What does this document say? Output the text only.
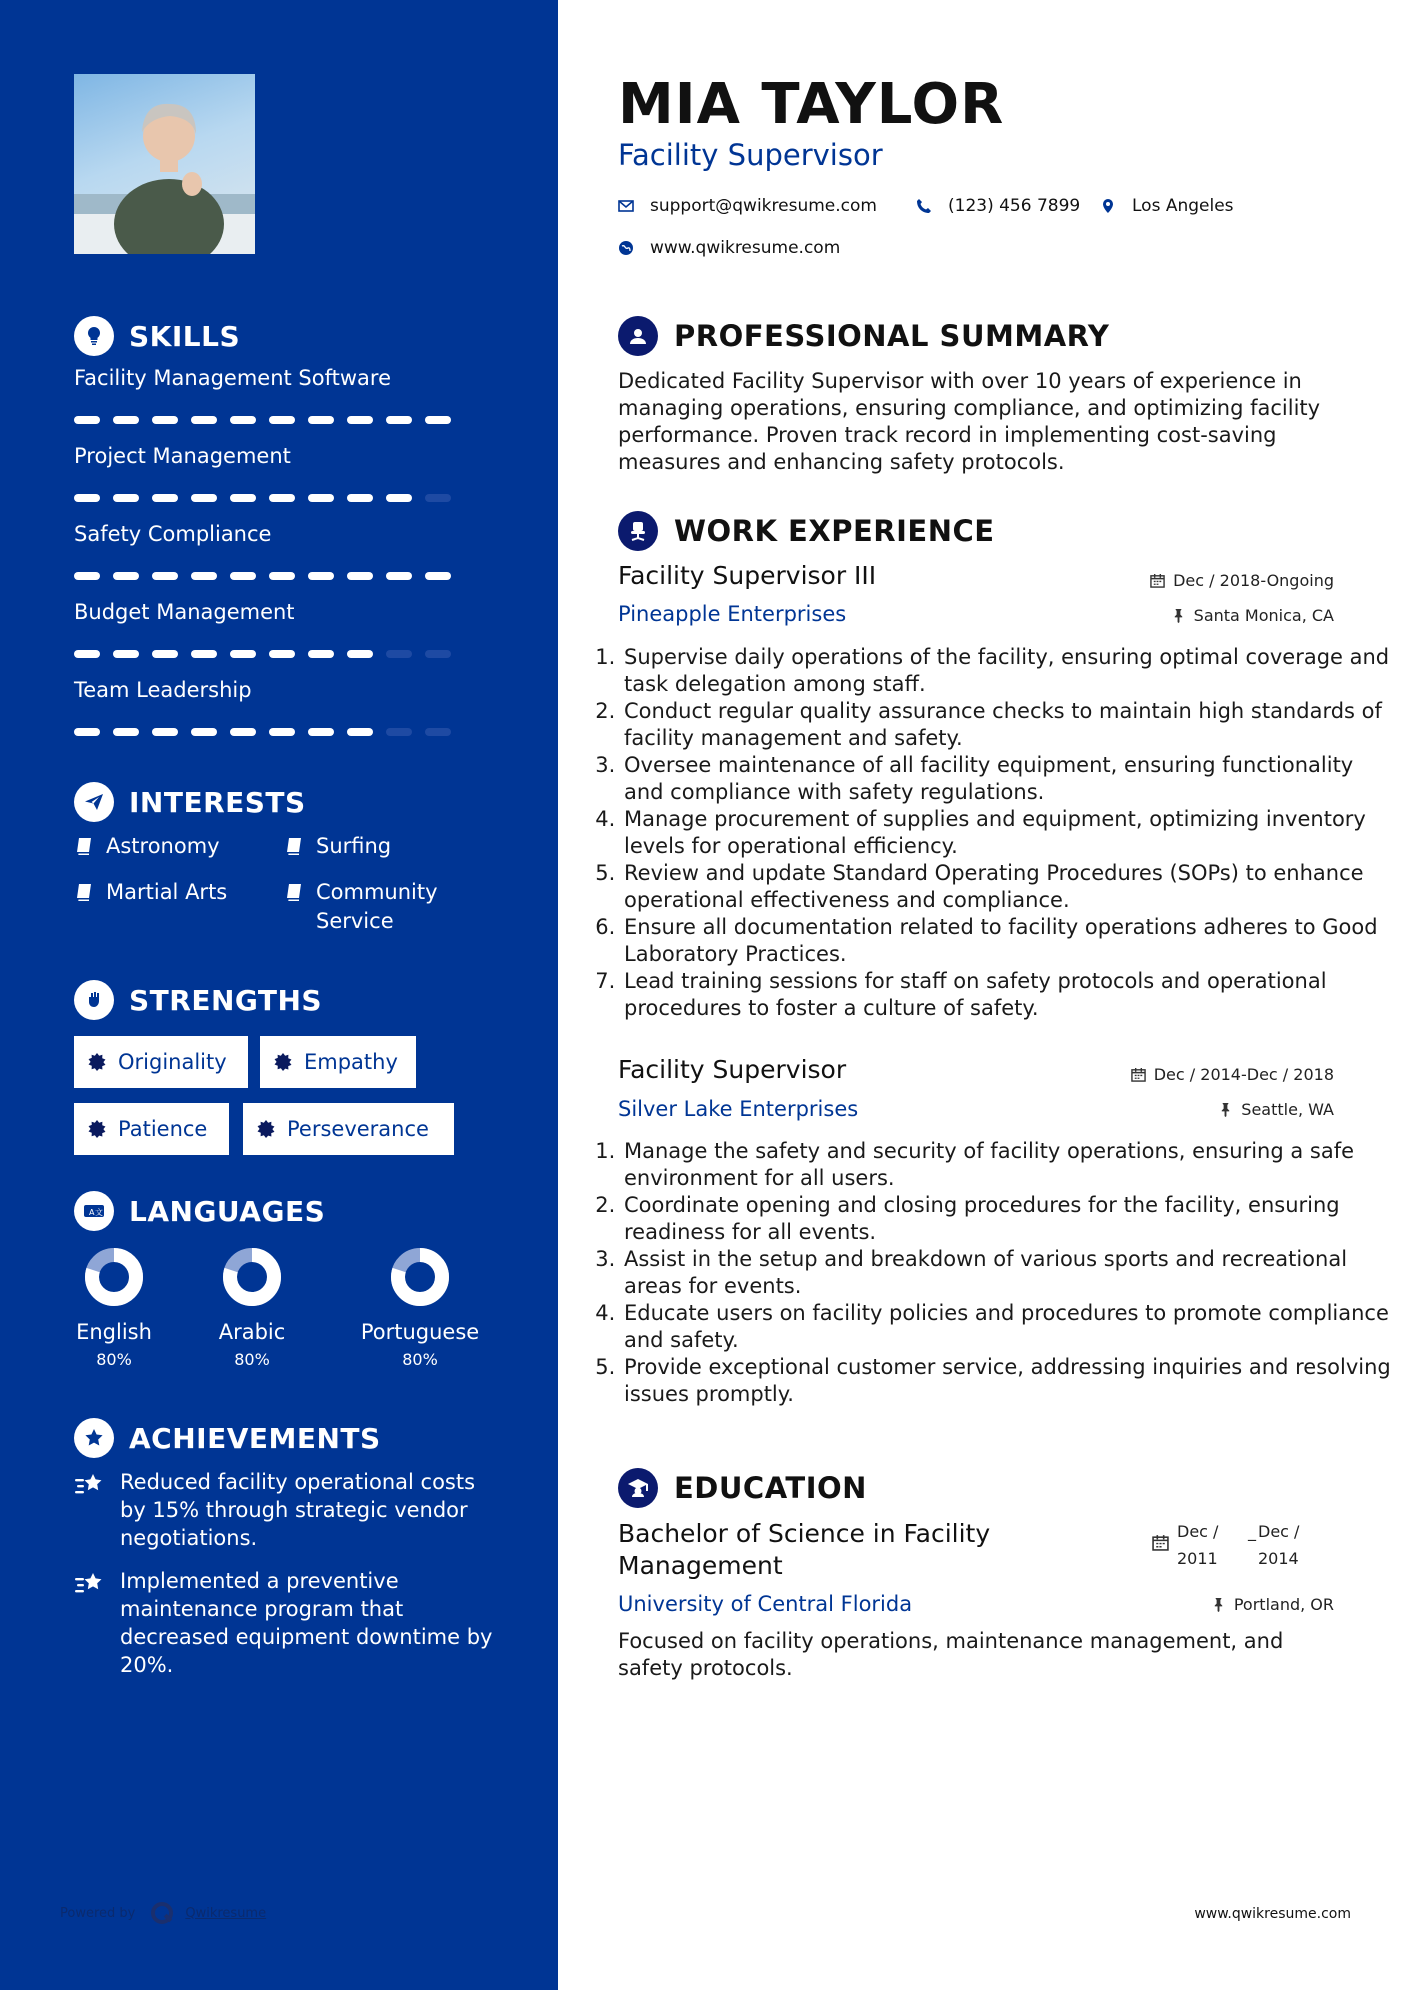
SKILLS
Facility Management Software
Project Management
Safety Compliance
Budget Management
Team Leadership
INTERESTS
Astronomy	Surfing
Martial Arts	Community Service
STRENGTHS
Originality	Empathy
Patience	Perseverance
A 文 LANGUAGES
English
80%
Arabic
80%
Portuguese
80%
ACHIEVEMENTS
Reduced facility operational costs by 15% through strategic vendor negotiations.
Implemented a preventive maintenance program that decreased equipment downtime by 20%.
Powered by	Qwikresume
MIA TAYLOR
Facility Supervisor
support@qwikresume.com	(123) 456 7899	Los Angeles
www.qwikresume.com
PROFESSIONAL SUMMARY
Dedicated Facility Supervisor with over 10 years of experience in managing operations, ensuring compliance, and optimizing facility performance. Proven track record in implementing cost-saving measures and enhancing safety protocols.
WORK EXPERIENCE
Facility Supervisor III	Dec / 2018-Ongoing
Pineapple Enterprises	Santa Monica, CA
1. Supervise daily operations of the facility, ensuring optimal coverage and task delegation among staff.
2. Conduct regular quality assurance checks to maintain high standards of facility management and safety.
3. Oversee maintenance of all facility equipment, ensuring functionality and compliance with safety regulations.
4. Manage procurement of supplies and equipment, optimizing inventory levels for operational efficiency.
5. Review and update Standard Operating Procedures (SOPs) to enhance operational effectiveness and compliance.
6. Ensure all documentation related to facility operations adheres to Good Laboratory Practices.
7. Lead training sessions for staff on safety protocols and operational procedures to foster a culture of safety.
Facility Supervisor	Dec / 2014-Dec / 2018
Silver Lake Enterprises	Seattle, WA
1. Manage the safety and security of facility operations, ensuring a safe environment for all users.
2. Coordinate opening and closing procedures for the facility, ensuring readiness for all events.
3. Assist in the setup and breakdown of various sports and recreational areas for events.
4. Educate users on facility policies and procedures to promote compliance and safety.
5. Provide exceptional customer service, addressing inquiries and resolving issues promptly.
EDUCATION
Bachelor of Science in Facility Management
Dec /
2011
_ Dec /
2014
University of Central Florida	Portland, OR
Focused on facility operations, maintenance management, and safety protocols.
www.qwikresume.com
